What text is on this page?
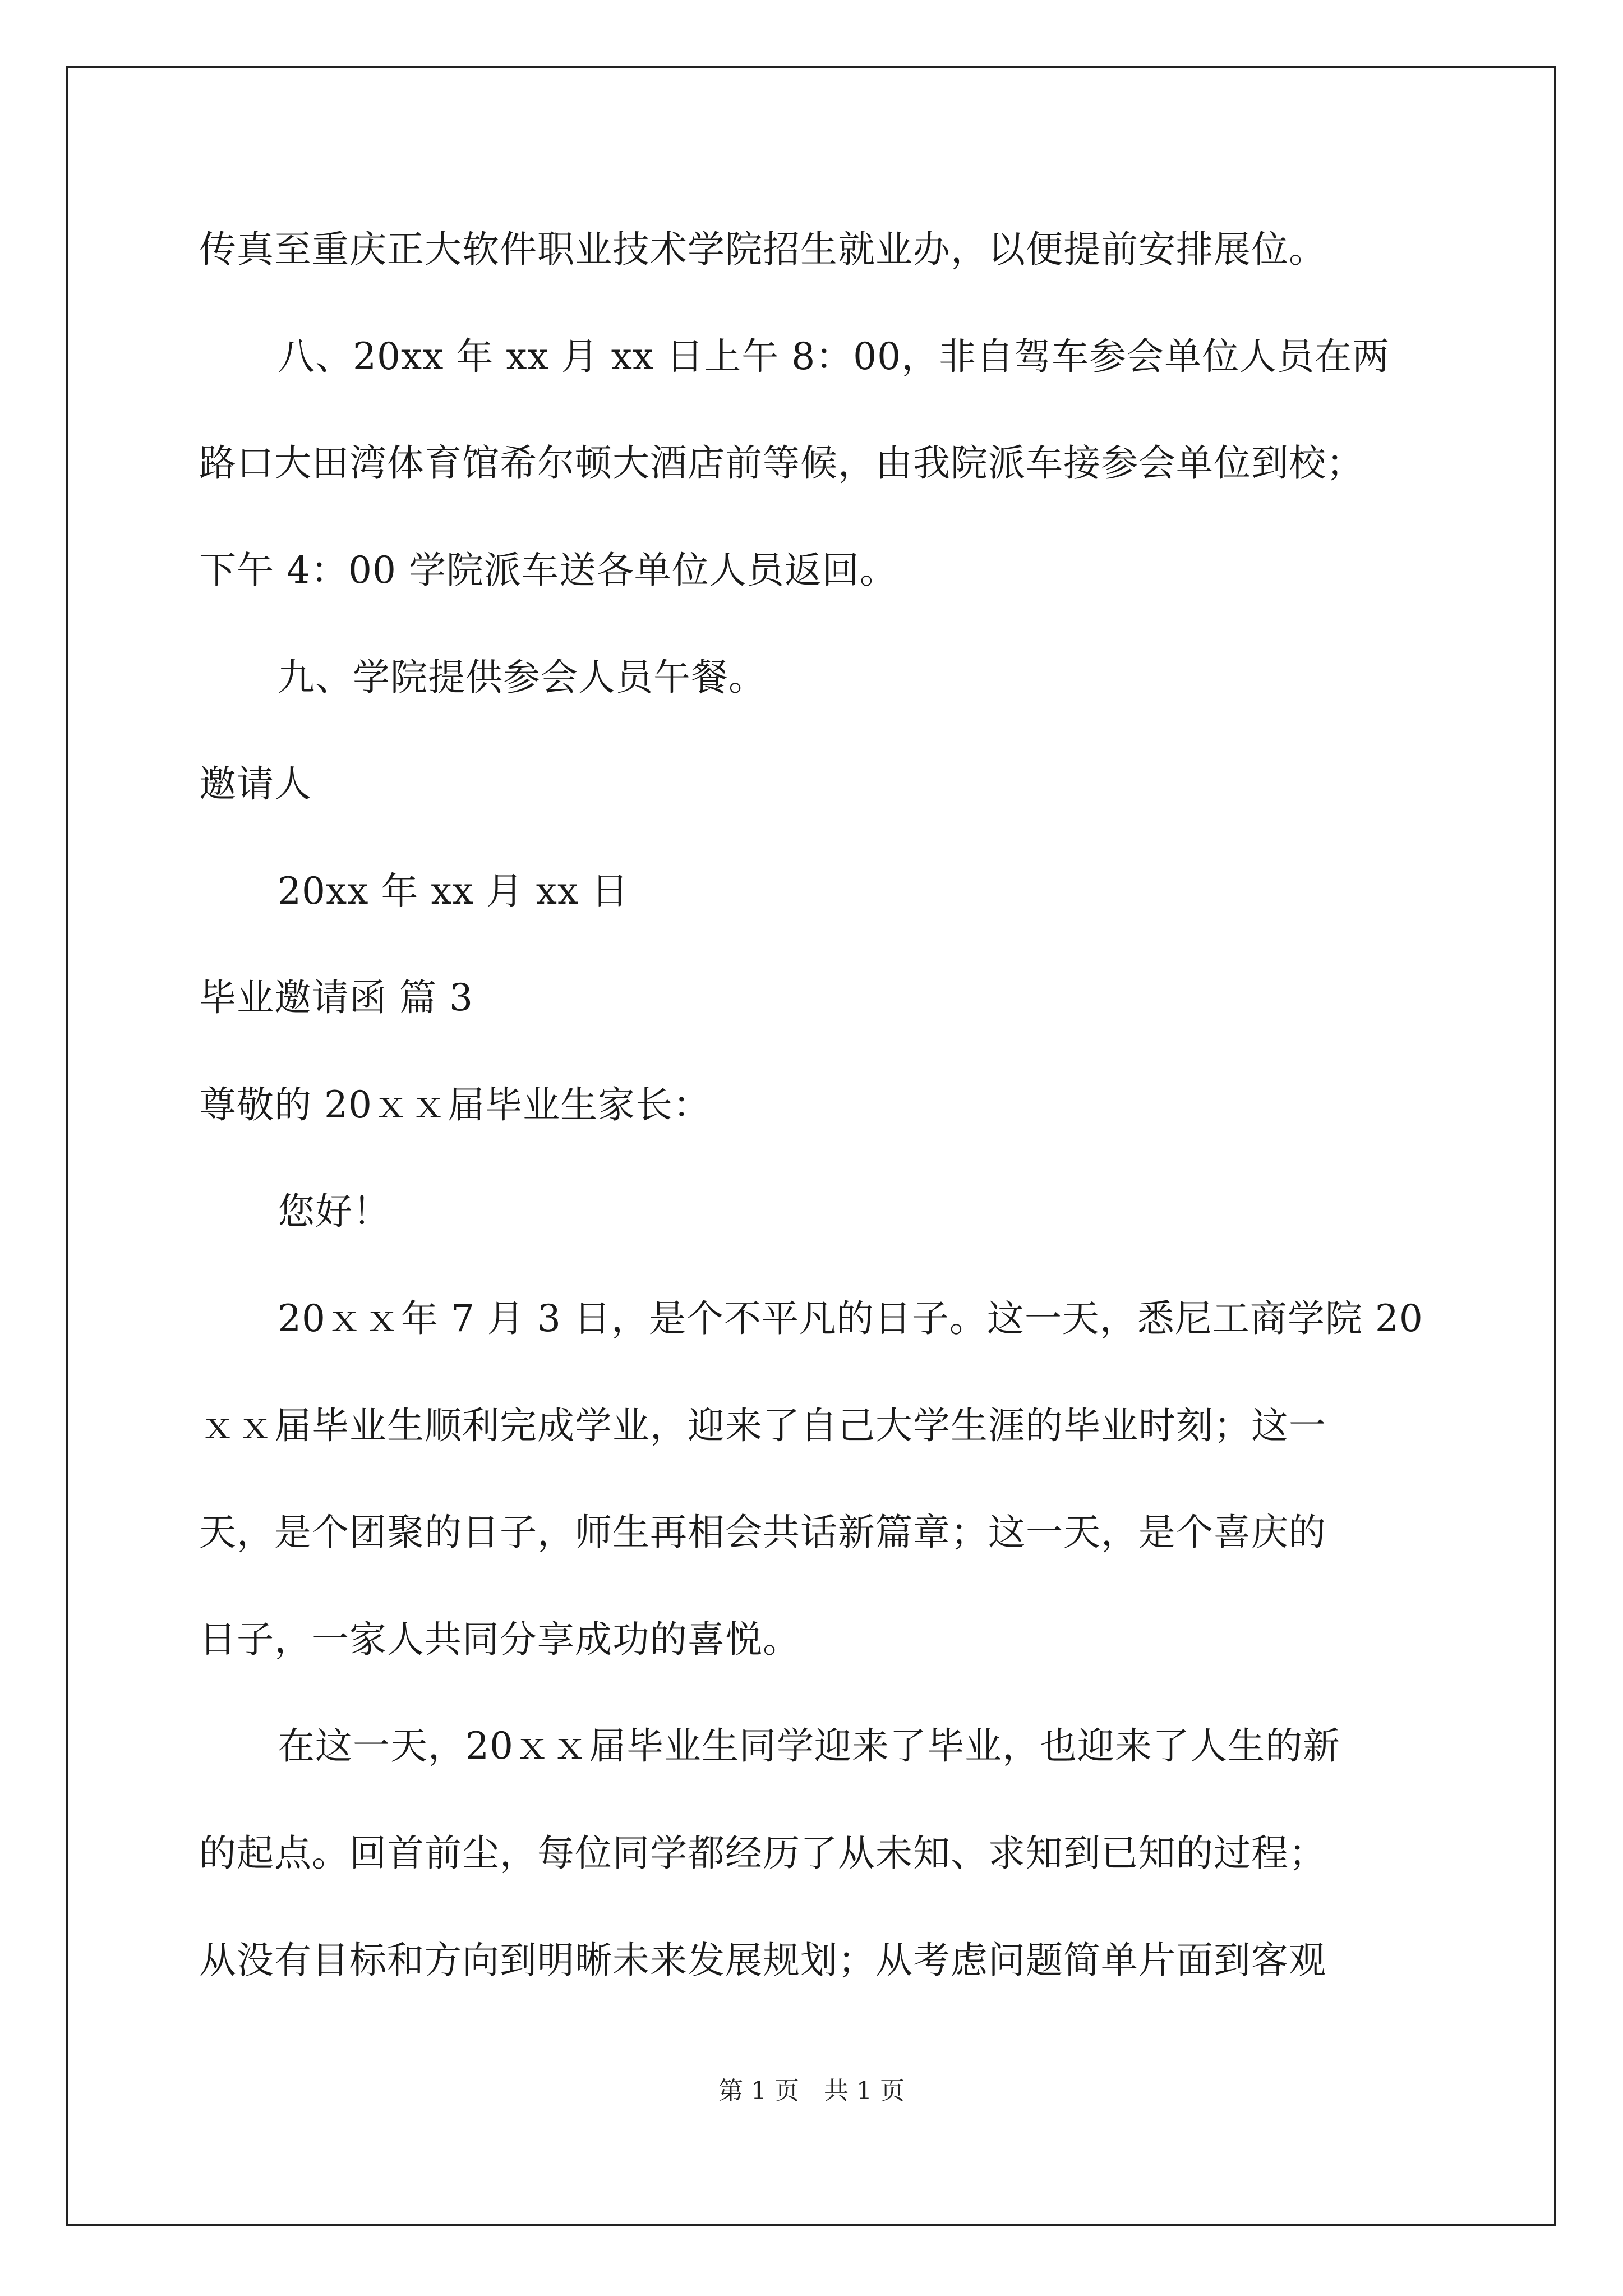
传真至重庆正大软件职业技术学院招生就业办，以便提前安排展位。
八、20xx 年 xx 月 xx 日上午 8：00，非自驾车参会单位人员在两
路口大田湾体育馆希尔顿大酒店前等候，由我院派车接参会单位到校；
下午 4：00 学院派车送各单位人员返回。
九、学院提供参会人员午餐。
邀请人
20xx 年 xx 月 xx 日
毕业邀请函 篇 3
尊敬的 20ｘｘ届毕业生家长：
您好！
20ｘｘ年 7 月 3 日，是个不平凡的日子。这一天，悉尼工商学院 20
ｘｘ届毕业生顺利完成学业，迎来了自己大学生涯的毕业时刻；这一
天，是个团聚的日子，师生再相会共话新篇章；这一天，是个喜庆的
日子，一家人共同分享成功的喜悦。
在这一天，20ｘｘ届毕业生同学迎来了毕业，也迎来了人生的新
的起点。回首前尘，每位同学都经历了从未知、求知到已知的过程；
从没有目标和方向到明晰未来发展规划；从考虑问题简单片面到客观
第 1 页　共 1 页
